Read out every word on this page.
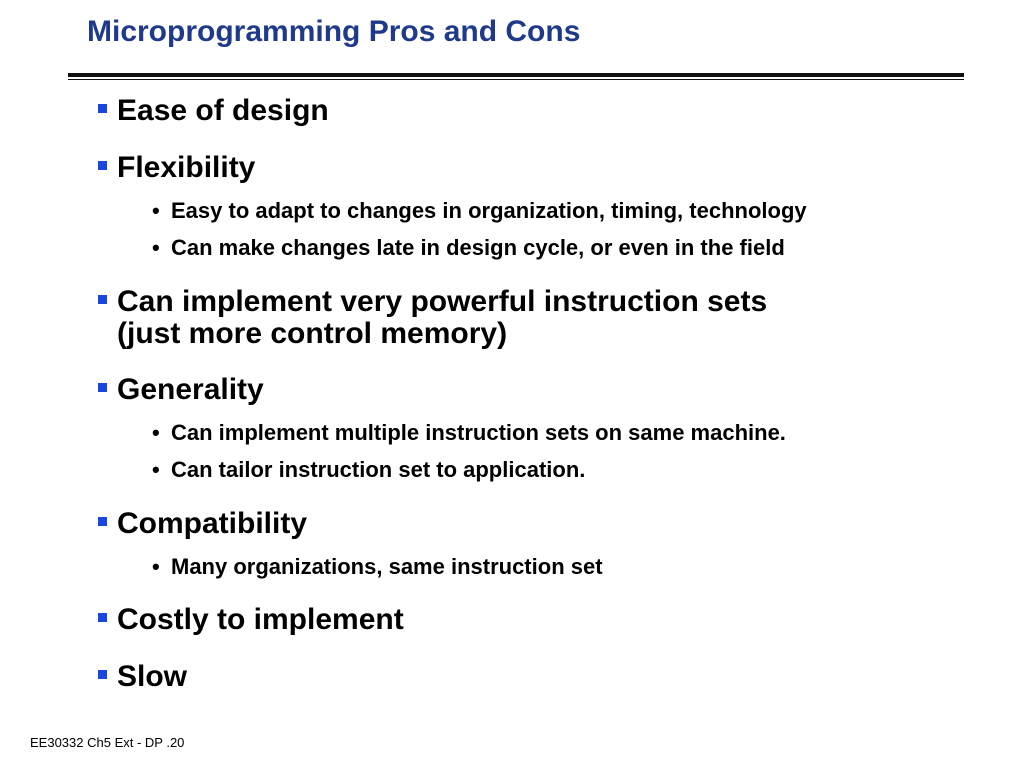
Microprogramming Pros and Cons
Ease of design
Flexibility
• Easy to adapt to changes in organization, timing, technology
• Can make changes late in design cycle, or even in the field
Can implement very powerful instruction sets
(just more control memory)
Generality
• Can implement multiple instruction sets on same machine.
• Can tailor instruction set to application.
Compatibility
• Many organizations, same instruction set
Costly to implement
Slow
EE30332 Ch5 Ext - DP .20
